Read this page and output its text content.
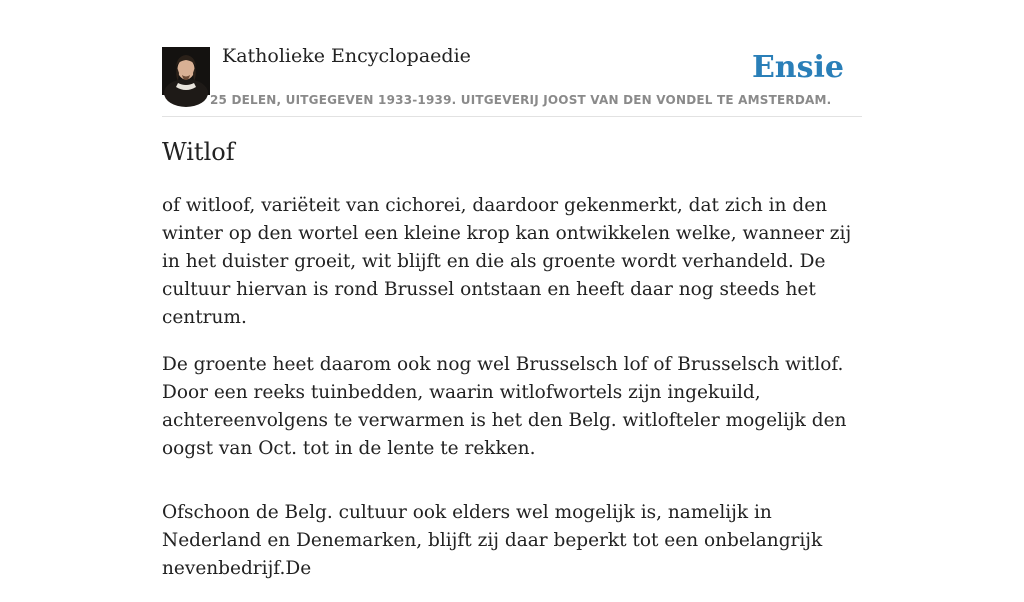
Katholieke Encyclopaedie
25 DELEN, UITGEGEVEN 1933-1939. UITGEVERIJ JOOST VAN DEN VONDEL TE AMSTERDAM.
Ensie
Witlof

of witloof, variëteit van cichorei, daardoor gekenmerkt, dat zich in den winter op den wortel een kleine krop kan ontwikkelen welke, wanneer zij in het duister groeit, wit blijft en die als groente wordt verhandeld. De cultuur hiervan is rond Brussel ontstaan en heeft daar nog steeds het centrum.

De groente heet daarom ook nog wel Brusselsch lof of Brusselsch witlof. Door een reeks tuinbedden, waarin witlofwortels zijn ingekuild, achtereenvolgens te verwarmen is het den Belg. witlofteler mogelijk den oogst van Oct. tot in de lente te rekken.

Ofschoon de Belg. cultuur ook elders wel mogelijk is, namelijk in Nederland en Denemarken, blijft zij daar beperkt tot een onbelangrijk nevenbedrijf.De
